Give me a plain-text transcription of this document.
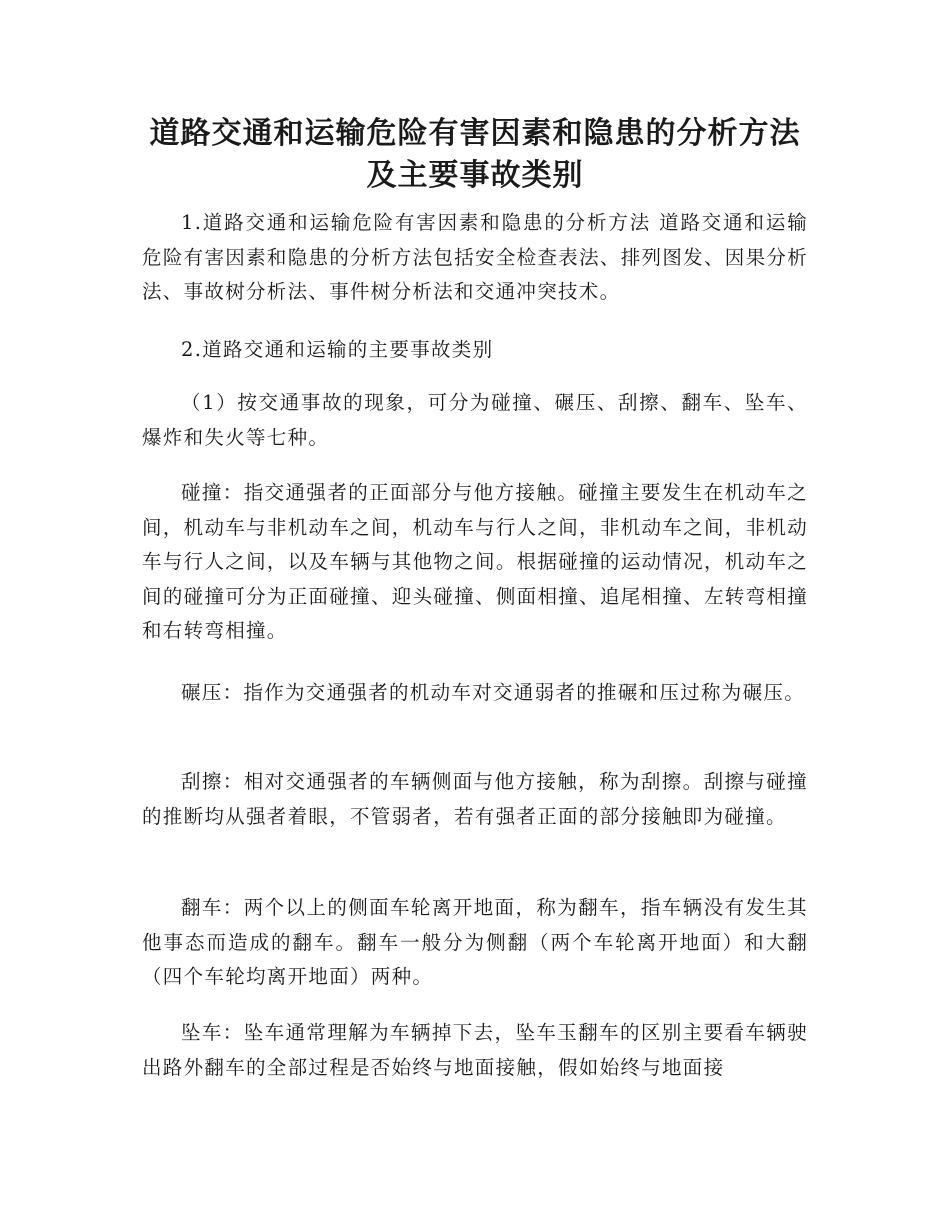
道路交通和运输危险有害因素和隐患的分析方法
及主要事故类别

1.道路交通和运输危险有害因素和隐患的分析方法 道路交通和运输危险有害因素和隐患的分析方法包括安全检查表法、排列图发、因果分析法、事故树分析法、事件树分析法和交通冲突技术。

2.道路交通和运输的主要事故类别

（1）按交通事故的现象，可分为碰撞、碾压、刮擦、翻车、坠车、爆炸和失火等七种。

碰撞：指交通强者的正面部分与他方接触。碰撞主要发生在机动车之间，机动车与非机动车之间，机动车与行人之间，非机动车之间，非机动车与行人之间，以及车辆与其他物之间。根据碰撞的运动情况，机动车之间的碰撞可分为正面碰撞、迎头碰撞、侧面相撞、追尾相撞、左转弯相撞和右转弯相撞。

碾压：指作为交通强者的机动车对交通弱者的推碾和压过称为碾压。

刮擦：相对交通强者的车辆侧面与他方接触，称为刮擦。刮擦与碰撞的推断均从强者着眼，不管弱者，若有强者正面的部分接触即为碰撞。

翻车：两个以上的侧面车轮离开地面，称为翻车，指车辆没有发生其他事态而造成的翻车。翻车一般分为侧翻（两个车轮离开地面）和大翻（四个车轮均离开地面）两种。

坠车：坠车通常理解为车辆掉下去，坠车玉翻车的区别主要看车辆驶出路外翻车的全部过程是否始终与地面接触，假如始终与地面接
